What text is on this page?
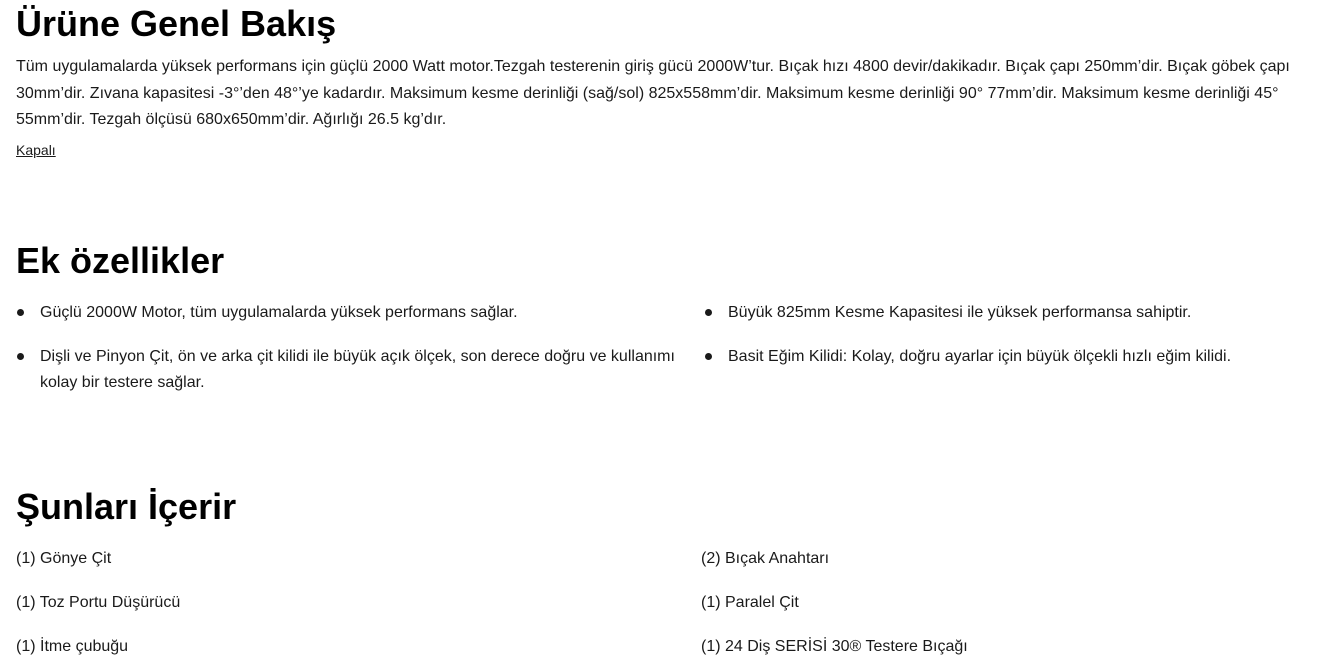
Ürüne Genel Bakış

Tüm uygulamalarda yüksek performans için güçlü 2000 Watt motor.Tezgah testerenin giriş gücü 2000W’tur. Bıçak hızı 4800 devir/dakikadır. Bıçak çapı 250mm’dir. Bıçak göbek çapı 30mm’dir. Zıvana kapasitesi -3°’den 48°’ye kadardır. Maksimum kesme derinliği (sağ/sol) 825x558mm’dir. Maksimum kesme derinliği 90° 77mm’dir. Maksimum kesme derinliği 45° 55mm’dir. Tezgah ölçüsü 680x650mm’dir. Ağırlığı 26.5 kg’dır.

Kapalı
Ek özellikler
Güçlü 2000W Motor, tüm uygulamalarda yüksek performans sağlar.
Dişli ve Pinyon Çit, ön ve arka çit kilidi ile büyük açık ölçek, son derece doğru ve kullanımı kolay bir testere sağlar.
Büyük 825mm Kesme Kapasitesi ile yüksek performansa sahiptir.
Basit Eğim Kilidi: Kolay, doğru ayarlar için büyük ölçekli hızlı eğim kilidi.
Şunları İçerir
(1) Gönye Çit
(1) Toz Portu Düşürücü
(1) İtme çubuğu
(2) Bıçak Anahtarı
(1) Paralel Çit
(1) 24 Diş SERİSİ 30® Testere Bıçağı
